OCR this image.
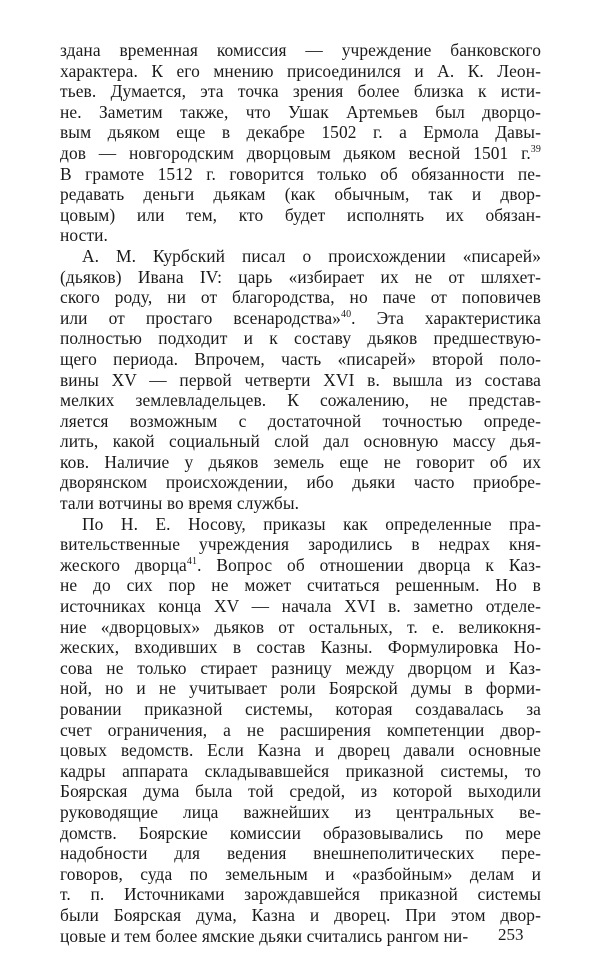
здана временная комиссия — учреждение банковского
характера. К его мнению присоединился и А. К. Леон-
тьев. Думается, эта точка зрения более близка к исти-
не. Заметим также, что Ушак Артемьев был дворцо-
вым дьяком еще в декабре 1502 г. а Ермола Давы-
дов — новгородским дворцовым дьяком весной 1501 г.$^{39}$
В грамоте 1512 г. говорится только об обязанности пе-
редавать деньги дьякам (как обычным, так и двор-
цовым) или тем, кто будет исполнять их обязан-
ности.
А. М. Курбский писал о происхождении «писарей»
(дьяков) Ивана IV: царь «избирает их не от шляхет-
ского роду, ни от благородства, но паче от поповичев
или от простаго всенародства»$^{40}$. Эта характеристика
полностью подходит и к составу дьяков предшествую-
щего периода. Впрочем, часть «писарей» второй поло-
вины XV — первой четверти XVI в. вышла из состава
мелких землевладельцев. К сожалению, не представ-
ляется возможным с достаточной точностью опреде-
лить, какой социальный слой дал основную массу дья-
ков. Наличие у дьяков земель еще не говорит об их
дворянском происхождении, ибо дьяки часто приобре-
тали вотчины во время службы.
По Н. Е. Носову, приказы как определенные пра-
вительственные учреждения зародились в недрах кня-
жеского дворца$^{41}$. Вопрос об отношении дворца к Каз-
не до сих пор не может считаться решенным. Но в
источниках конца XV — начала XVI в. заметно отделе-
ние «дворцовых» дьяков от остальных, т. е. великокня-
жеских, входивших в состав Казны. Формулировка Но-
сова не только стирает разницу между дворцом и Каз-
ной, но и не учитывает роли Боярской думы в форми-
ровании приказной системы, которая создавалась за
счет ограничения, а не расширения компетенции двор-
цовых ведомств. Если Казна и дворец давали основные
кадры аппарата складывавшейся приказной системы, то
Боярская дума была той средой, из которой выходили
руководящие лица важнейших из центральных ве-
домств. Боярские комиссии образовывались по мере
надобности для ведения внешнеполитических пере-
говоров, суда по земельным и «разбойным» делам и
т. п. Источниками зарождавшейся приказной системы
были Боярская дума, Казна и дворец. При этом двор-
цовые и тем более ямские дьяки считались рангом ни-	253
